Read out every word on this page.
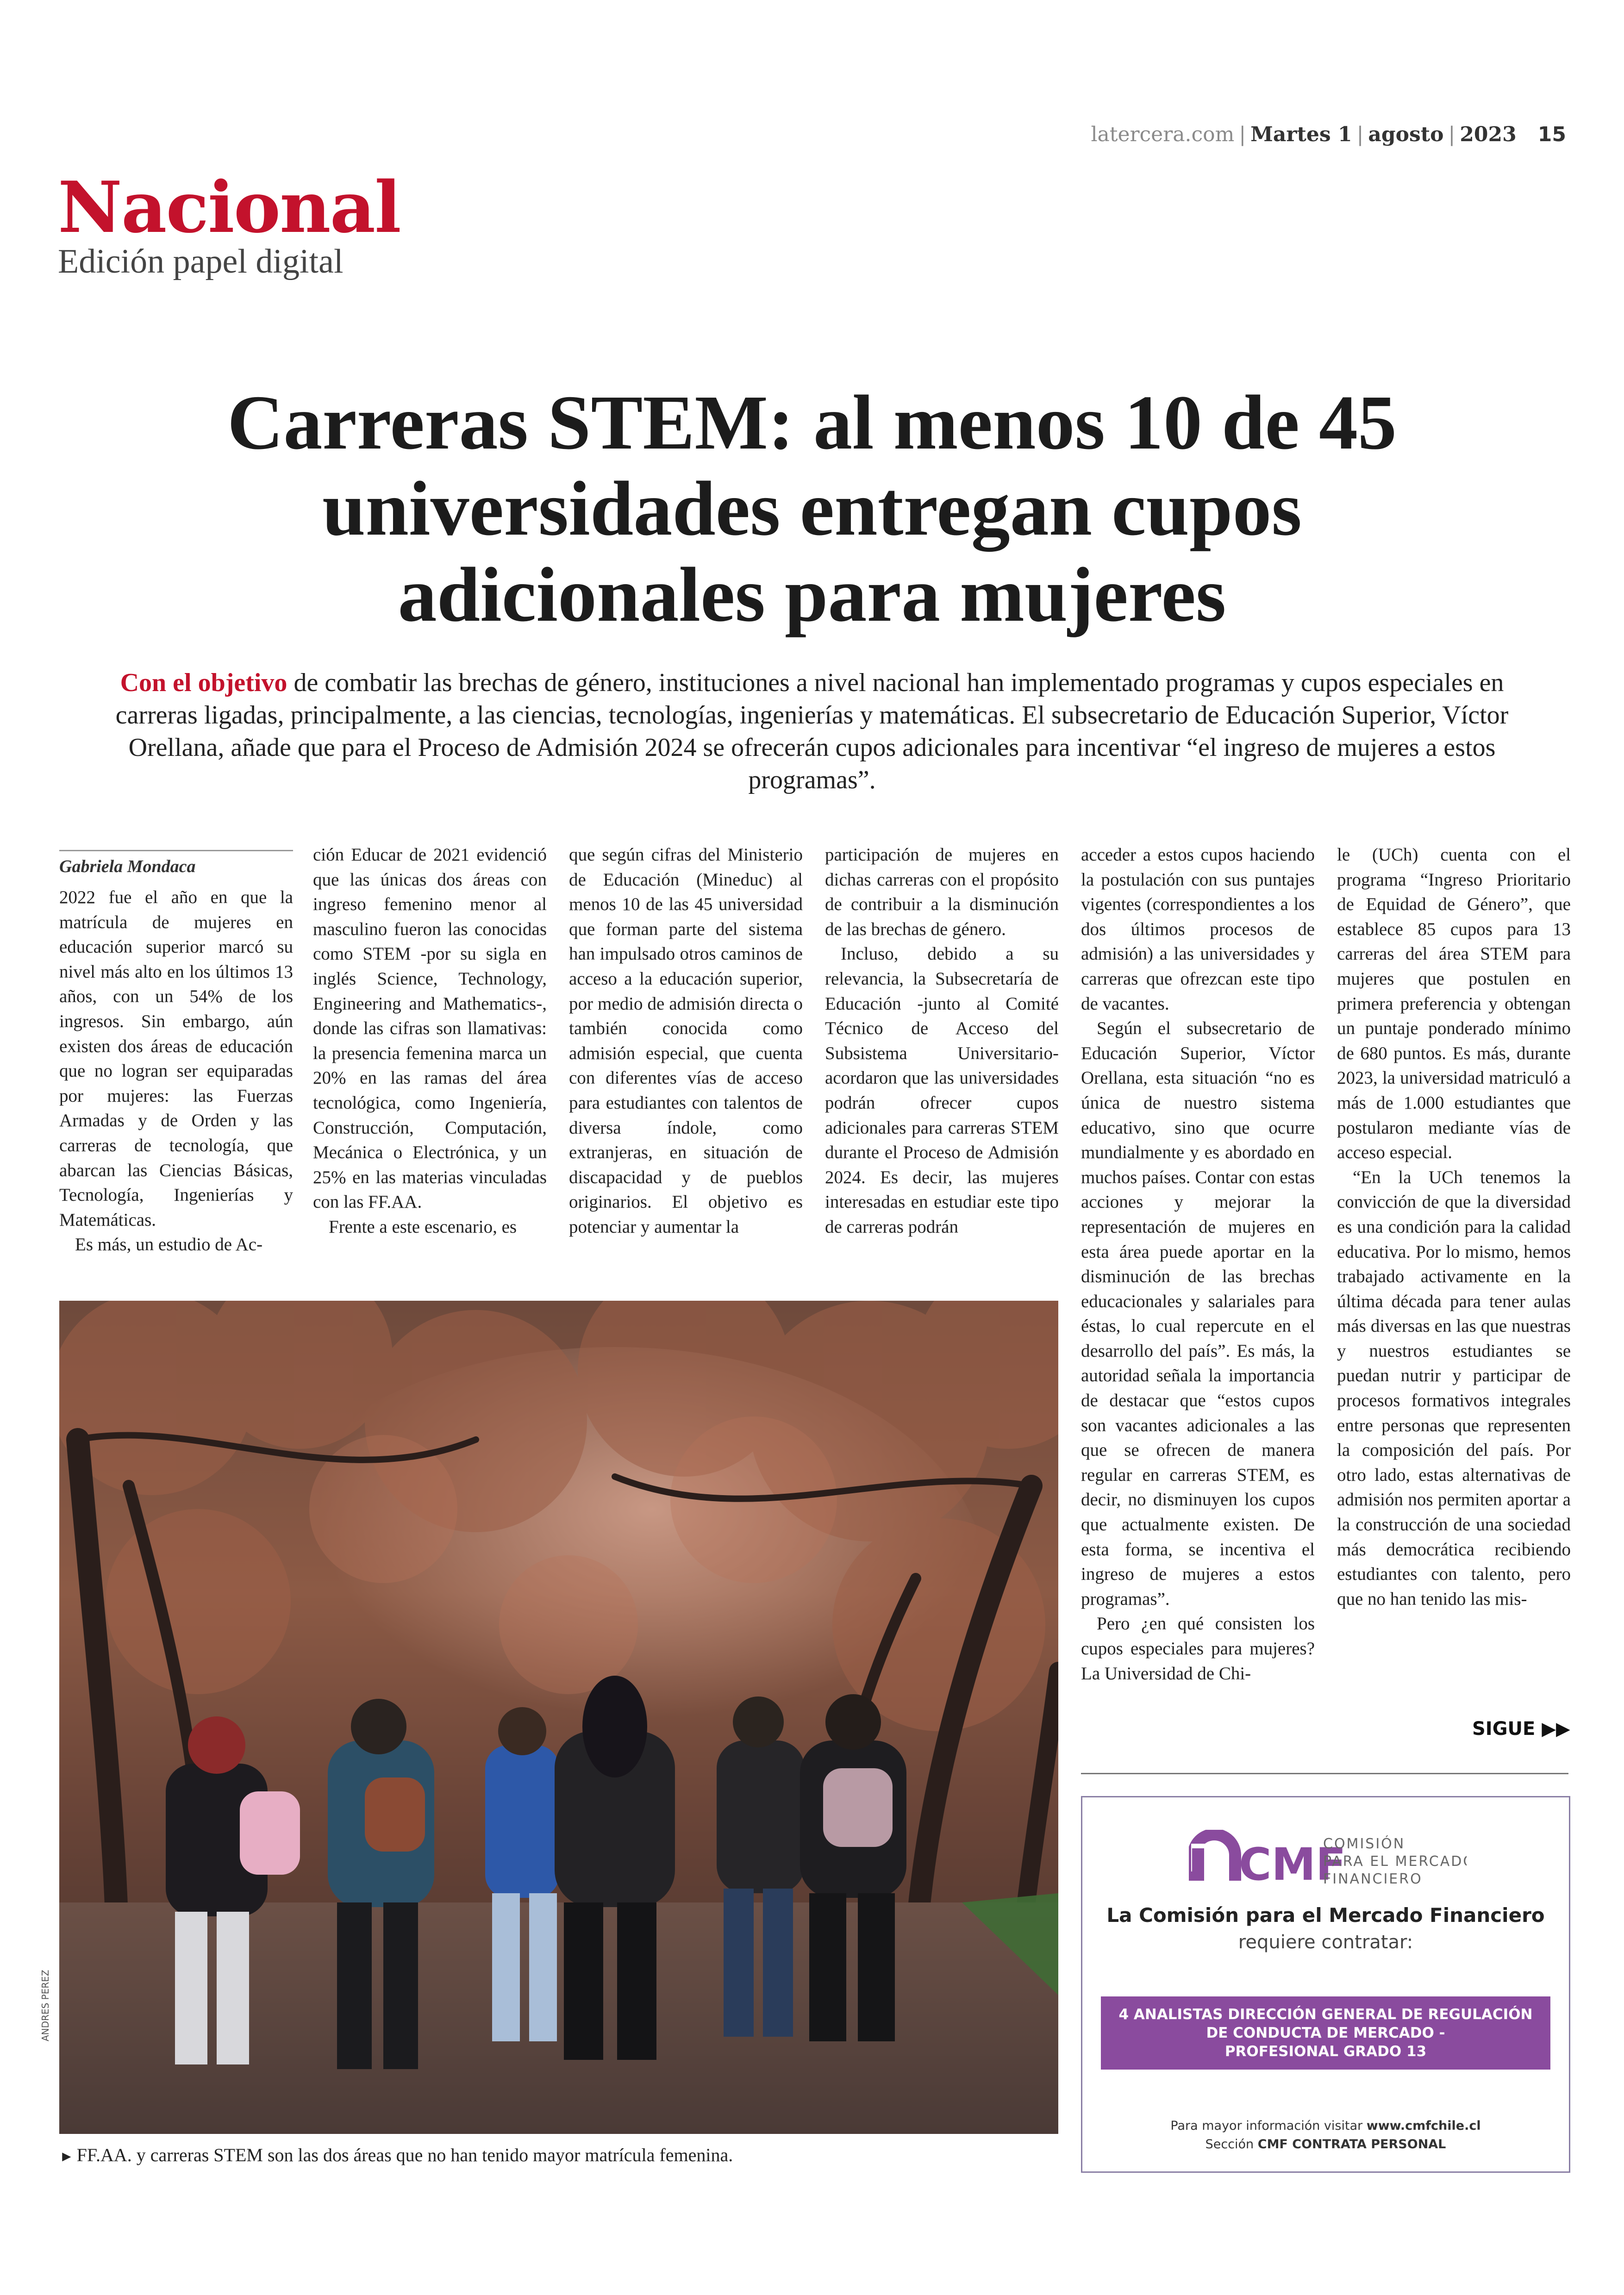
latercera.com | Martes 1 | agosto | 2023 15
Nacional
Edición papel digital
Carreras STEM: al menos 10 de 45
universidades entregan cupos
adicionales para mujeres
Con el objetivo de combatir las brechas de género, instituciones a nivel nacional han implementado programas y cupos especiales en carreras ligadas, principalmente, a las ciencias, tecnologías, ingenierías y matemáticas. El subsecretario de Educación Superior, Víctor Orellana, añade que para el Proceso de Admisión 2024 se ofrecerán cupos adicionales para incentivar “el ingreso de mujeres a estos programas”.
Gabriela Mondaca

2022 fue el año en que la matrícula de mujeres en educación superior marcó su nivel más alto en los últimos 13 años, con un 54% de los ingresos. Sin embargo, aún existen dos áreas de educación que no logran ser equiparadas por mujeres: las Fuerzas Armadas y de Orden y las carreras de tecnología, que abarcan las Ciencias Básicas, Tecnología, Ingenierías y Matemáticas.

Es más, un estudio de Ac-

ción Educar de 2021 evidenció que las únicas dos áreas con ingreso femenino menor al masculino fueron las conocidas como STEM -por su sigla en inglés Science, Technology, Engineering and Mathematics-, donde las cifras son llamativas: la presencia femenina marca un 20% en las ramas del área tecnológica, como Ingeniería, Construcción, Computación, Mecánica o Electrónica, y un 25% en las materias vinculadas con las FF.AA.

Frente a este escenario, es

que según cifras del Ministerio de Educación (Mineduc) al menos 10 de las 45 universidad que forman parte del sistema han impulsado otros caminos de acceso a la educación superior, por medio de admisión directa o también conocida como admisión especial, que cuenta con diferentes vías de acceso para estudiantes con talentos de diversa índole, como extranjeras, en situación de discapacidad y de pueblos originarios. El objetivo es potenciar y aumentar la

participación de mujeres en dichas carreras con el propósito de contribuir a la disminución de las brechas de género.

Incluso, debido a su relevancia, la Subsecretaría de Educación -junto al Comité Técnico de Acceso del Subsistema Universitario- acordaron que las universidades podrán ofrecer cupos adicionales para carreras STEM durante el Proceso de Admisión 2024. Es decir, las mujeres interesadas en estudiar este tipo de carreras podrán

acceder a estos cupos haciendo la postulación con sus puntajes vigentes (correspondientes a los dos últimos procesos de admisión) a las universidades y carreras que ofrezcan este tipo de vacantes.

Según el subsecretario de Educación Superior, Víctor Orellana, esta situación “no es única de nuestro sistema educativo, sino que ocurre mundialmente y es abordado en muchos países. Contar con estas acciones y mejorar la representación de mujeres en esta área puede aportar en la disminución de las brechas educacionales y salariales para éstas, lo cual repercute en el desarrollo del país”. Es más, la autoridad señala la importancia de destacar que “estos cupos son vacantes adicionales a las que se ofrecen de manera regular en carreras STEM, es decir, no disminuyen los cupos que actualmente existen. De esta forma, se incentiva el ingreso de mujeres a estos programas”.

Pero ¿en qué consisten los cupos especiales para mujeres? La Universidad de Chi-

le (UCh) cuenta con el programa “Ingreso Prioritario de Equidad de Género”, que establece 85 cupos para 13 carreras del área STEM para mujeres que postulen en primera preferencia y obtengan un puntaje ponderado mínimo de 680 puntos. Es más, durante 2023, la universidad matriculó a más de 1.000 estudiantes que postularon mediante vías de acceso especial.

“En la UCh tenemos la convicción de que la diversidad es una condición para la calidad educativa. Por lo mismo, hemos trabajado activamente en la última década para tener aulas más diversas en las que nuestras y nuestros estudiantes se puedan nutrir y participar de procesos formativos integrales entre personas que representen la composición del país. Por otro lado, estas alternativas de admisión nos permiten aportar a la construcción de una sociedad más democrática recibiendo estudiantes con talento, pero que no han tenido las mis-

ANDRES PEREZ
► FF.AA. y carreras STEM son las dos áreas que no han tenido mayor matrícula femenina.
SIGUE ▶▶
CMF
COMISIÓN
PARA EL MERCADO
FINANCIERO
La Comisión para el Mercado Financiero
requiere contratar:
4 ANALISTAS DIRECCIÓN GENERAL DE REGULACIÓN
DE CONDUCTA DE MERCADO -
PROFESIONAL GRADO 13
Para mayor información visitar www.cmfchile.cl
Sección CMF CONTRATA PERSONAL
